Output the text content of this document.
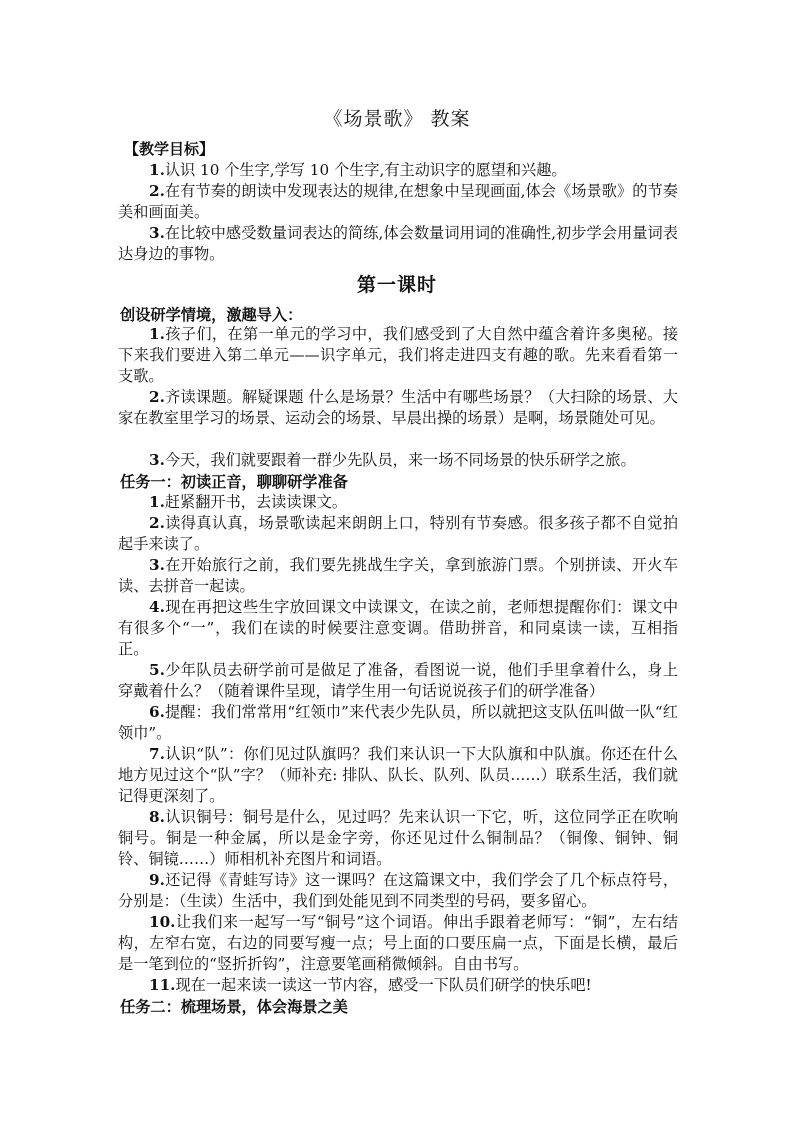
《场景歌》 教案
【教学目标】
1.认识 10 个生字,学写 10 个生字,有主动识字的愿望和兴趣。
2.在有节奏的朗读中发现表达的规律,在想象中呈现画面,体会《场景歌》的节奏美和画面美。
3.在比较中感受数量词表达的简练,体会数量词用词的准确性,初步学会用量词表达身边的事物。
第一课时
创设研学情境，激趣导入：
1.孩子们，在第一单元的学习中，我们感受到了大自然中蕴含着许多奥秘。接下来我们要进入第二单元——识字单元，我们将走进四支有趣的歌。先来看看第一支歌。
2.齐读课题。解疑课题 什么是场景？生活中有哪些场景？（大扫除的场景、大家在教室里学习的场景、运动会的场景、早晨出操的场景）是啊，场景随处可见。
3.今天，我们就要跟着一群少先队员，来一场不同场景的快乐研学之旅。
任务一：初读正音，聊聊研学准备
1.赶紧翻开书，去读读课文。
2.读得真认真，场景歌读起来朗朗上口，特别有节奏感。很多孩子都不自觉拍起手来读了。
3.在开始旅行之前，我们要先挑战生字关，拿到旅游门票。个别拼读、开火车读、去拼音一起读。
4.现在再把这些生字放回课文中读课文，在读之前，老师想提醒你们：课文中有很多个“一”，我们在读的时候要注意变调。借助拼音，和同桌读一读，互相指正。
5.少年队员去研学前可是做足了准备，看图说一说，他们手里拿着什么，身上穿戴着什么？（随着课件呈现，请学生用一句话说说孩子们的研学准备）
6.提醒：我们常常用“红领巾”来代表少先队员，所以就把这支队伍叫做一队“红领巾”。
7.认识“队”：你们见过队旗吗？我们来认识一下大队旗和中队旗。你还在什么地方见过这个“队”字？（师补充: 排队、队长、队列、队员……）联系生活，我们就记得更深刻了。
8.认识铜号：铜号是什么，见过吗？先来认识一下它，听，这位同学正在吹响铜号。铜是一种金属，所以是金字旁，你还见过什么铜制品？（铜像、铜钟、铜铃、铜镜……）师相机补充图片和词语。
9.还记得《青蛙写诗》这一课吗？在这篇课文中，我们学会了几个标点符号，分别是：（生读）生活中，我们到处能见到不同类型的号码，要多留心。
10.让我们来一起写一写“铜号”这个词语。伸出手跟着老师写：“铜”，左右结构，左窄右宽，右边的同要写瘦一点；号上面的口要压扁一点，下面是长横，最后是一笔到位的“竖折折钩”，注意要笔画稍微倾斜。自由书写。
11.现在一起来读一读这一节内容，感受一下队员们研学的快乐吧!
任务二：梳理场景，体会海景之美
